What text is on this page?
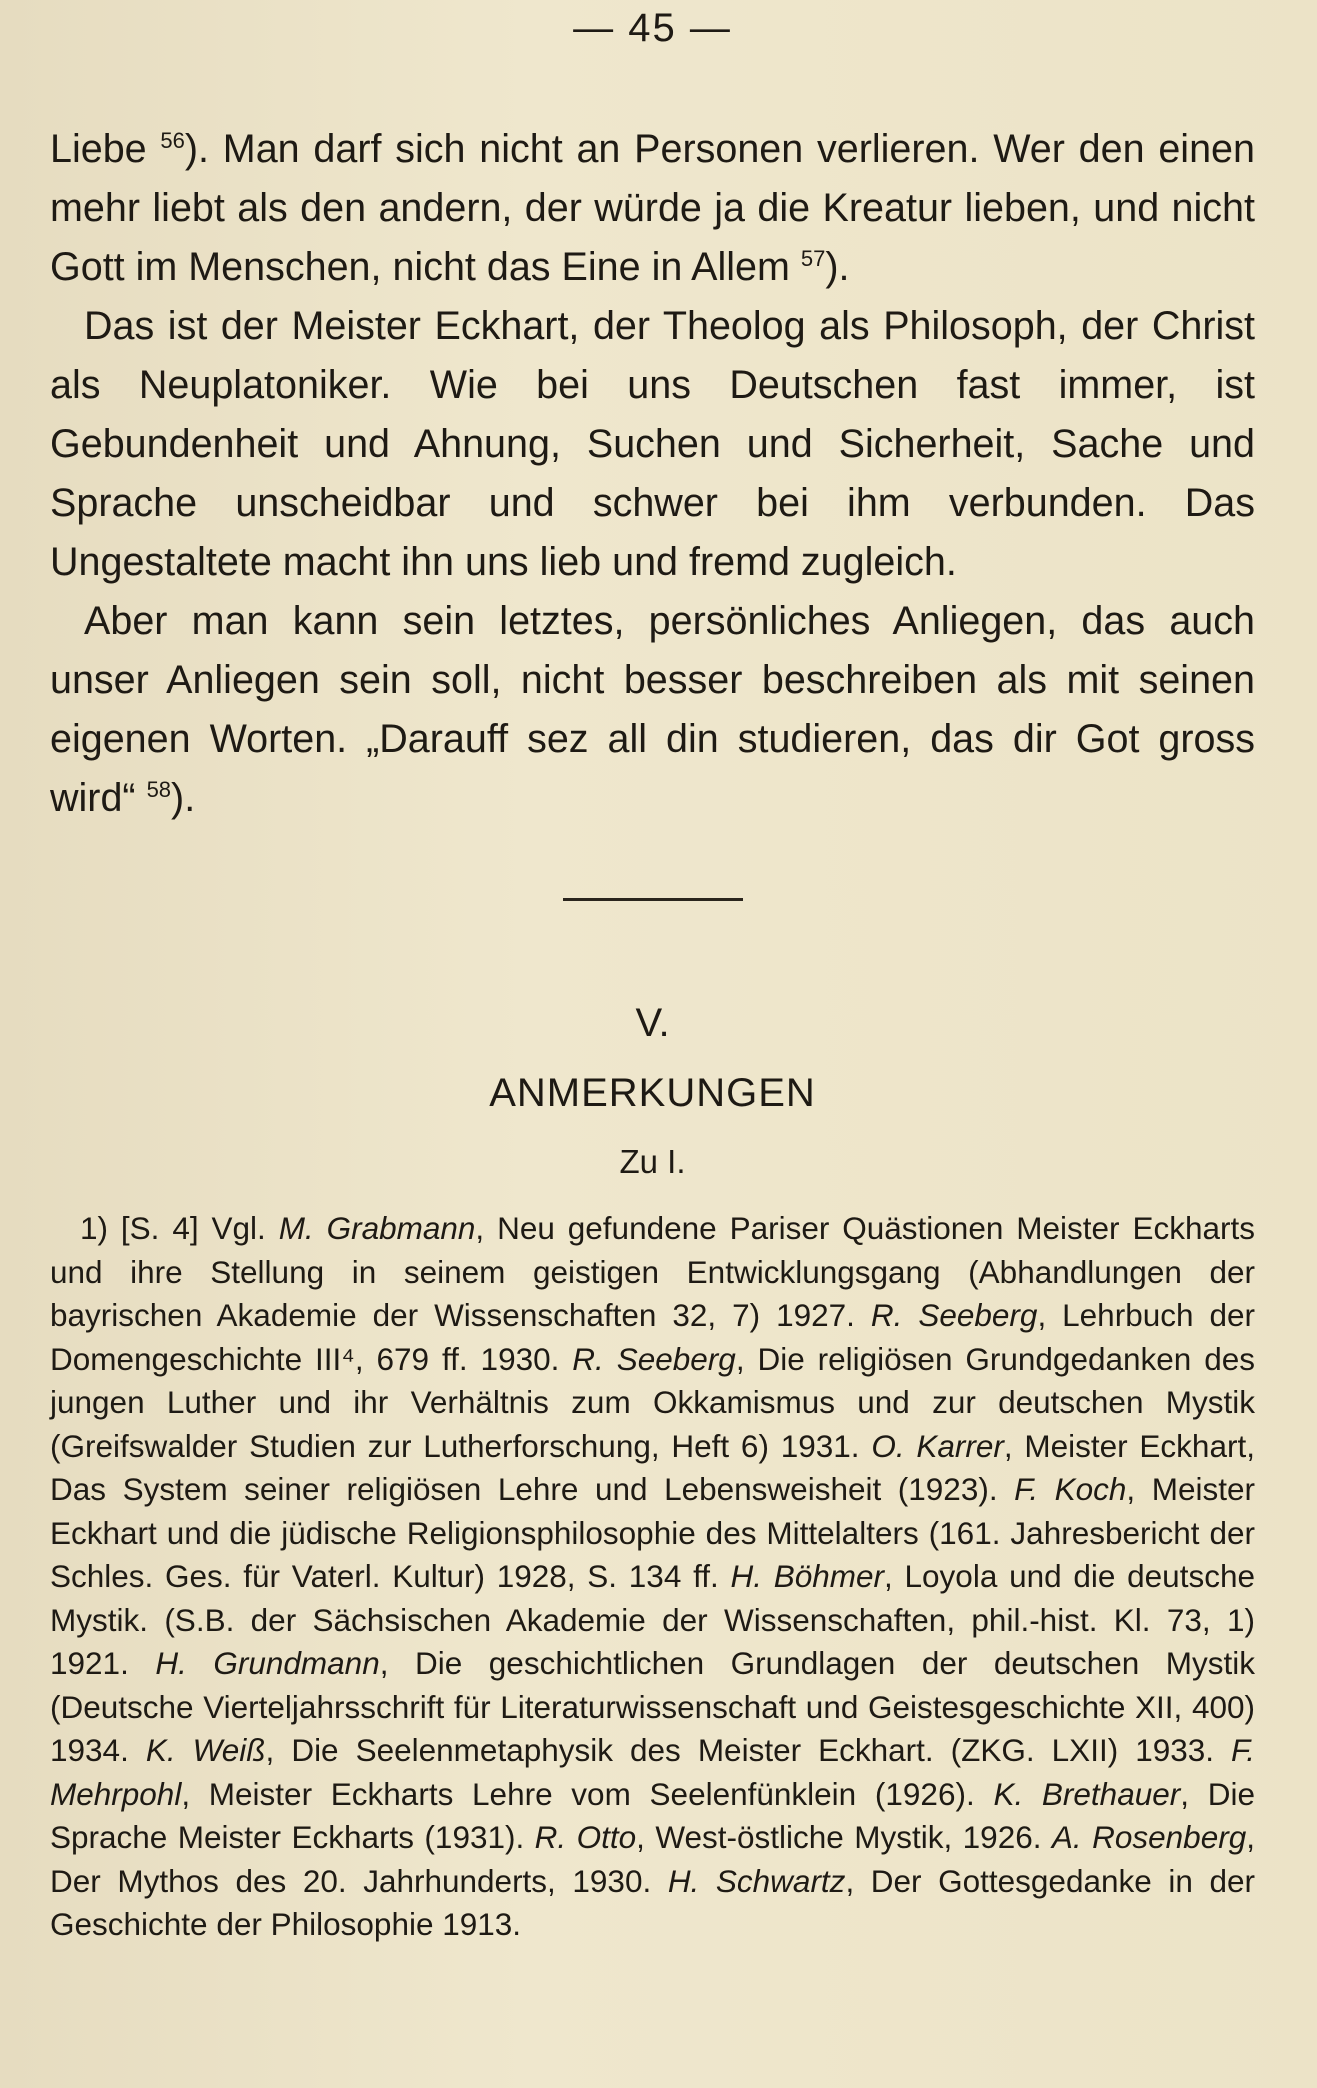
— 45 —

Liebe $^{56}$). Man darf sich nicht an Personen verlieren. Wer den einen mehr liebt als den andern, der würde ja die Kreatur lieben, und nicht Gott im Menschen, nicht das Eine in Allem $^{57}$).

Das ist der Meister Eckhart, der Theolog als Philosoph, der Christ als Neuplatoniker. Wie bei uns Deutschen fast immer, ist Gebundenheit und Ahnung, Suchen und Sicherheit, Sache und Sprache unscheidbar und schwer bei ihm verbunden. Das Ungestaltete macht ihn uns lieb und fremd zugleich.

Aber man kann sein letztes, persönliches Anliegen, das auch unser Anliegen sein soll, nicht besser beschreiben als mit seinen eigenen Worten. „Darauff sez all din studieren, das dir Got gross wird“ $^{58}$).

V.
ANMERKUNGEN
Zu I.

1) [S. 4] Vgl. M. Grabmann, Neu gefundene Pariser Quästionen Meister Eckharts und ihre Stellung in seinem geistigen Entwicklungsgang (Abhandlungen der bayrischen Akademie der Wissenschaften 32, 7) 1927. R. Seeberg, Lehrbuch der Domengeschichte III⁴, 679 ff. 1930. R. Seeberg, Die religiösen Grundgedanken des jungen Luther und ihr Verhältnis zum Okkamismus und zur deutschen Mystik (Greifswalder Studien zur Lutherforschung, Heft 6) 1931. O. Karrer, Meister Eckhart, Das System seiner religiösen Lehre und Lebensweisheit (1923). F. Koch, Meister Eckhart und die jüdische Religionsphilosophie des Mittelalters (161. Jahresbericht der Schles. Ges. für Vaterl. Kultur) 1928, S. 134 ff. H. Böhmer, Loyola und die deutsche Mystik. (S.B. der Sächsischen Akademie der Wissenschaften, phil.-hist. Kl. 73, 1) 1921. H. Grundmann, Die geschichtlichen Grundlagen der deutschen Mystik (Deutsche Vierteljahrsschrift für Literaturwissenschaft und Geistesgeschichte XII, 400) 1934. K. Weiß, Die Seelenmetaphysik des Meister Eckhart. (ZKG. LXII) 1933. F. Mehrpohl, Meister Eckharts Lehre vom Seelenfünklein (1926). K. Brethauer, Die Sprache Meister Eckharts (1931). R. Otto, West-östliche Mystik, 1926. A. Rosenberg, Der Mythos des 20. Jahrhunderts, 1930. H. Schwartz, Der Gottesgedanke in der Geschichte der Philosophie 1913.
